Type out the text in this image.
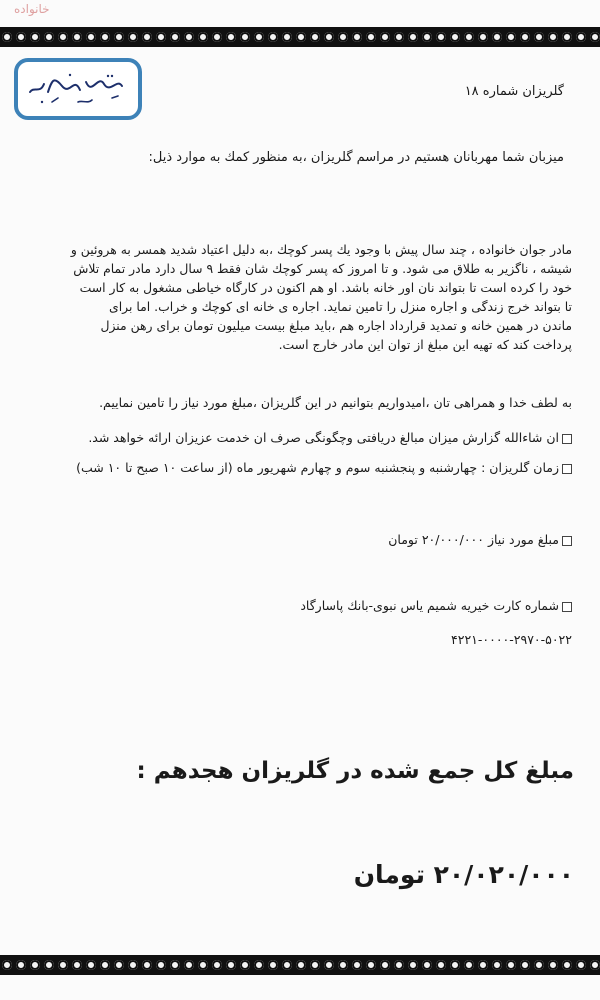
خانواده
گلریزان شماره ۱۸
میزبان شما مهربانان هستیم در مراسم گلریزان ،به منظور کمك به موارد ذیل:
مادر جوان خانواده ، چند سال پیش با وجود یك پسر كوچك ،به دلیل اعتیاد شدید همسر به هروئین و
شیشه ، ناگزیر به طلاق می شود. و تا امروز كه پسر كوچك شان فقط ۹ سال دارد مادر تمام تلاش
خود را كرده است تا بتواند نان اور خانه باشد. او هم اكنون در كارگاه خیاطی مشغول به كار است
تا بتواند خرج زندگی و اجاره منزل را تامین نماید. اجاره ی خانه ای كوچك و خراب. اما برای
ماندن در همین خانه و تمدید قرارداد اجاره هم ،باید مبلغ بیست میلیون تومان برای رهن منزل
پرداخت كند كه تهیه این مبلغ از توان این مادر خارج است.
به لطف خدا و همراهی تان ،امیدواریم بتوانیم در این گلریزان ،مبلغ مورد نیاز را تامین نماییم.
ان شاءالله گزارش میزان مبالغ دریافتی وچگونگی صرف ان خدمت عزیزان ارائه خواهد شد.
زمان گلریزان : چهارشنبه و پنجشنبه سوم و چهارم شهریور ماه (از ساعت ۱۰ صبح تا ۱۰ شب)
مبلغ مورد نیاز ۲۰/۰۰۰/۰۰۰ تومان
شماره كارت خیریه شمیم یاس نبوی-بانك پاسارگاد
۴۲۲۱-۰۰۰۰-۲۹۷۰-۵۰۲۲
مبلغ كل جمع شده در گلریزان هجدهم :
۲۰/۰۲۰/۰۰۰ تومان
